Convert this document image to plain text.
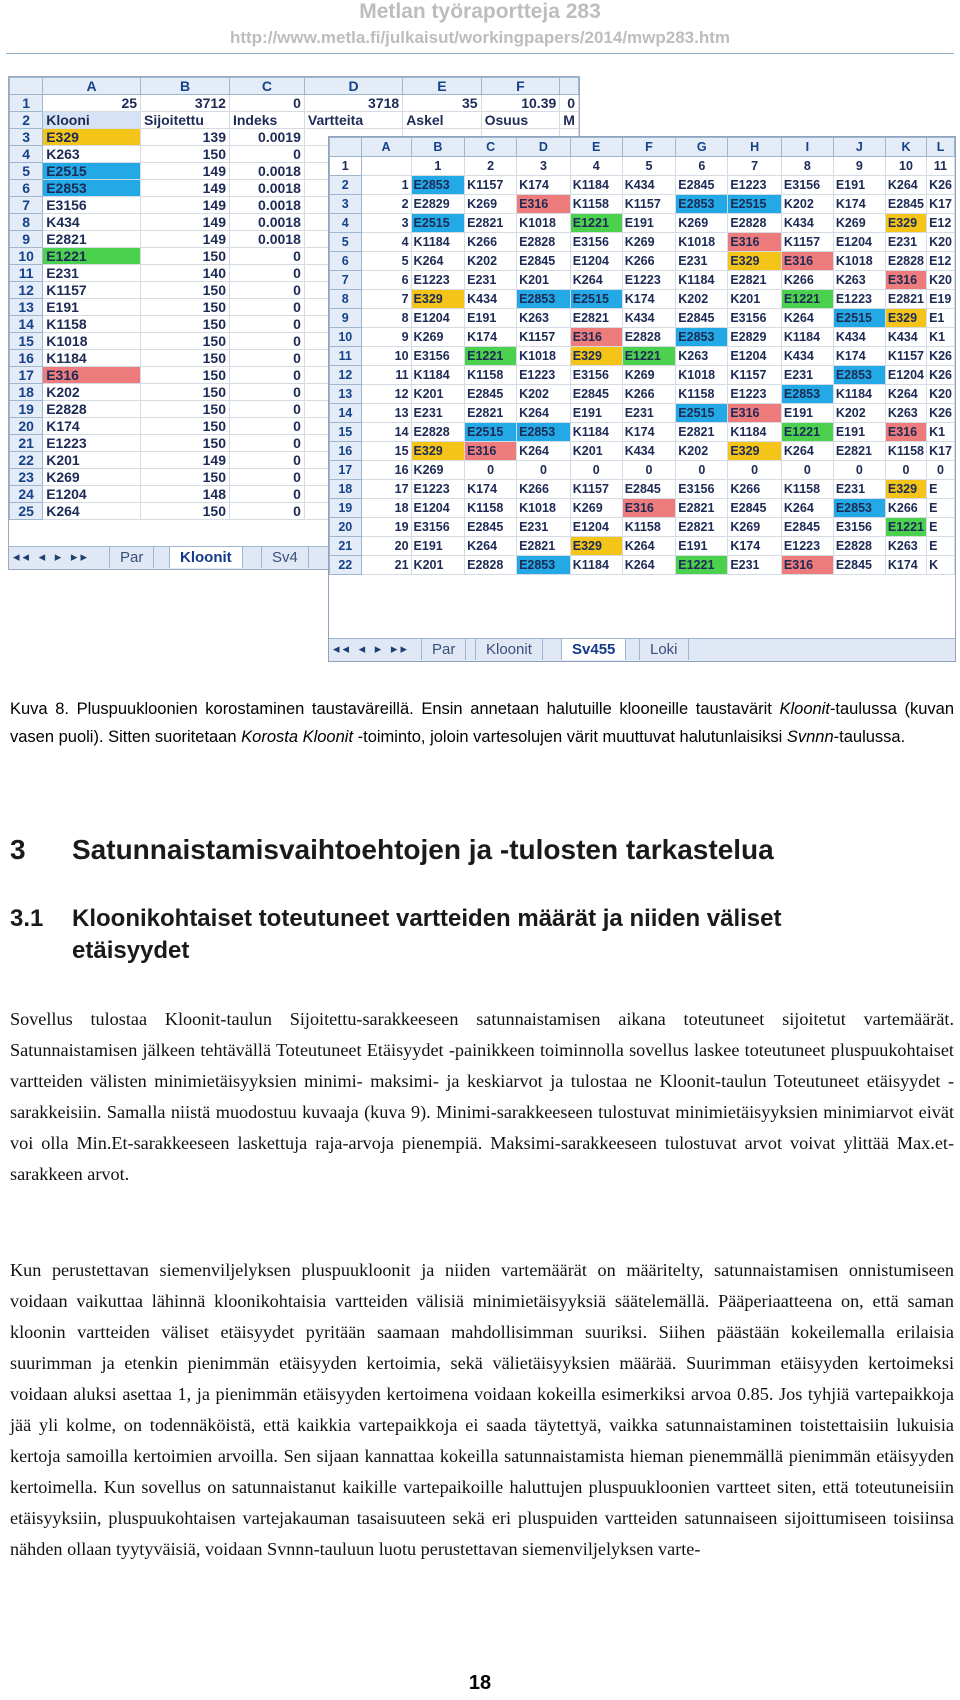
Metlan työraportteja 283
http://www.metla.fi/julkaisut/workingpapers/2014/mwp283.htm
	A	B	C	D	E	F	
1	25	3712	0	3718	35	10.39	0
2	Klooni	Sijoitettu	Indeks	Vartteita	Askel	Osuus	M
3	E329	139	0.0019				
4	K263	150	0				
5	E2515	149	0.0018				
6	E2853	149	0.0018				
7	E3156	149	0.0018				
8	K434	149	0.0018				
9	E2821	149	0.0018				
10	E1221	150	0				
11	E231	140	0				
12	K1157	150	0				
13	E191	150	0				
14	K1158	150	0				
15	K1018	150	0				
16	K1184	150	0				
17	E316	150	0				
18	K202	150	0				
19	E2828	150	0				
20	K174	150	0				
21	E1223	150	0				
22	K201	149	0				
23	K269	150	0				
24	E1204	148	0				
25	K264	150	0				
◂◂ ◂ ▸ ▸▸	Par	Kloonit	Sv4
	A	B	C	D	E	F	G	H	I	J	K	L
1		1	2	3	4	5	6	7	8	9	10	11
2	1	E2853	K1157	K174	K1184	K434	E2845	E1223	E3156	E191	K264	K26
3	2	E2829	K269	E316	K1158	K1157	E2853	E2515	K202	K174	E2845	K17
4	3	E2515	E2821	K1018	E1221	E191	K269	E2828	K434	K269	E329	E12
5	4	K1184	K266	E2828	E3156	K269	K1018	E316	K1157	E1204	E231	K20
6	5	K264	K202	E2845	E1204	K266	E231	E329	E316	K1018	E2828	E12
7	6	E1223	E231	K201	K264	E1223	K1184	E2821	K266	K263	E316	K20
8	7	E329	K434	E2853	E2515	K174	K202	K201	E1221	E1223	E2821	E19
9	8	E1204	E191	K263	E2821	K434	E2845	E3156	K264	E2515	E329	E1
10	9	K269	K174	K1157	E316	E2828	E2853	E2829	K1184	K434	K434	K1
11	10	E3156	E1221	K1018	E329	E1221	K263	E1204	K434	K174	K1157	K26
12	11	K1184	K1158	E1223	E3156	K269	K1018	K1157	E231	E2853	E1204	K26
13	12	K201	E2845	K202	E2845	K266	K1158	E1223	E2853	K1184	K264	K20
14	13	E231	E2821	K264	E191	E231	E2515	E316	E191	K202	K263	K26
15	14	E2828	E2515	E2853	K1184	K174	E2821	K1184	E1221	E191	E316	K1
16	15	E329	E316	K264	K201	K434	K202	E329	K264	E2821	K1158	K17
17	16	K269	0	0	0	0	0	0	0	0	0	0
18	17	E1223	K174	K266	K1157	E2845	E3156	K266	K1158	E231	E329	E
19	18	E1204	K1158	K1018	K269	E316	E2821	E2845	K264	E2853	K266	E
20	19	E3156	E2845	E231	E1204	K1158	E2821	K269	E2845	E3156	E1221	E
21	20	E191	K264	E2821	E329	K264	E191	K174	E1223	E2828	K263	E
22	21	K201	E2828	E2853	K1184	K264	E1221	E231	E316	E2845	K174	K
◂◂ ◂ ▸ ▸▸	Par	Kloonit	Sv455	Loki

Kuva 8. Pluspuukloonien korostaminen taustaväreillä. Ensin annetaan halutuille klooneille taustavärit Kloonit-taulussa (kuvan vasen puoli). Sitten suoritetaan Korosta Kloonit -toiminto, joloin vartesolujen värit muuttuvat halutunlaisiksi Svnnn-taulussa.

3 Satunnaistamisvaihtoehtojen ja -tulosten tarkastelua
3.1 Kloonikohtaiset toteutuneet vartteiden määrät ja niiden väliset
etäisyydet

Sovellus tulostaa Kloonit-taulun Sijoitettu-sarakkeeseen satunnaistamisen aikana toteutuneet sijoitetut vartemäärät. Satunnaistamisen jälkeen tehtävällä Toteutuneet Etäisyydet -painikkeen toiminnolla sovellus laskee toteutuneet pluspuukohtaiset vartteiden välisten minimietäisyyksien minimi- maksimi- ja keskiarvot ja tulostaa ne Kloonit-taulun Toteutuneet etäisyydet -sarakkeisiin. Samalla niistä muodostuu kuvaaja (kuva 9). Minimi-sarakkeeseen tulostuvat minimietäisyyksien minimiarvot eivät voi olla Min.Et-sarakkeeseen laskettuja raja-arvoja pienempiä. Maksimi-sarakkeeseen tulostuvat arvot voivat ylittää Max.et-sarakkeen arvot.

Kun perustettavan siemenviljelyksen pluspuukloonit ja niiden vartemäärät on määritelty, satunnaistamisen onnistumiseen voidaan vaikuttaa lähinnä kloonikohtaisia vartteiden välisiä minimietäisyyksiä säätelemällä. Pääperiaatteena on, että saman kloonin vartteiden väliset etäisyydet pyritään saamaan mahdollisimman suuriksi. Siihen päästään kokeilemalla erilaisia suurimman ja etenkin pienimmän etäisyyden kertoimia, sekä välietäisyyksien määrää. Suurimman etäisyyden kertoimeksi voidaan aluksi asettaa 1, ja pienimmän etäisyyden kertoimena voidaan kokeilla esimerkiksi arvoa 0.85. Jos tyhjiä vartepaikkoja jää yli kolme, on todennäköistä, että kaikkia vartepaikkoja ei saada täytettyä, vaikka satunnaistaminen toistettaisiin lukuisia kertoja samoilla kertoimien arvoilla. Sen sijaan kannattaa kokeilla satunnaistamista hieman pienemmällä pienimmän etäisyyden kertoimella. Kun sovellus on satunnaistanut kaikille vartepaikoille haluttujen pluspuukloonien vartteet siten, että toteutuneisiin etäisyyksiin, pluspuukohtaisen vartejakauman tasaisuuteen sekä eri pluspuiden vartteiden satunnaiseen sijoittumiseen toisiinsa nähden ollaan tyytyväisiä, voidaan Svnnn-tauluun luotu perustettavan siemenviljelyksen varte-

18
